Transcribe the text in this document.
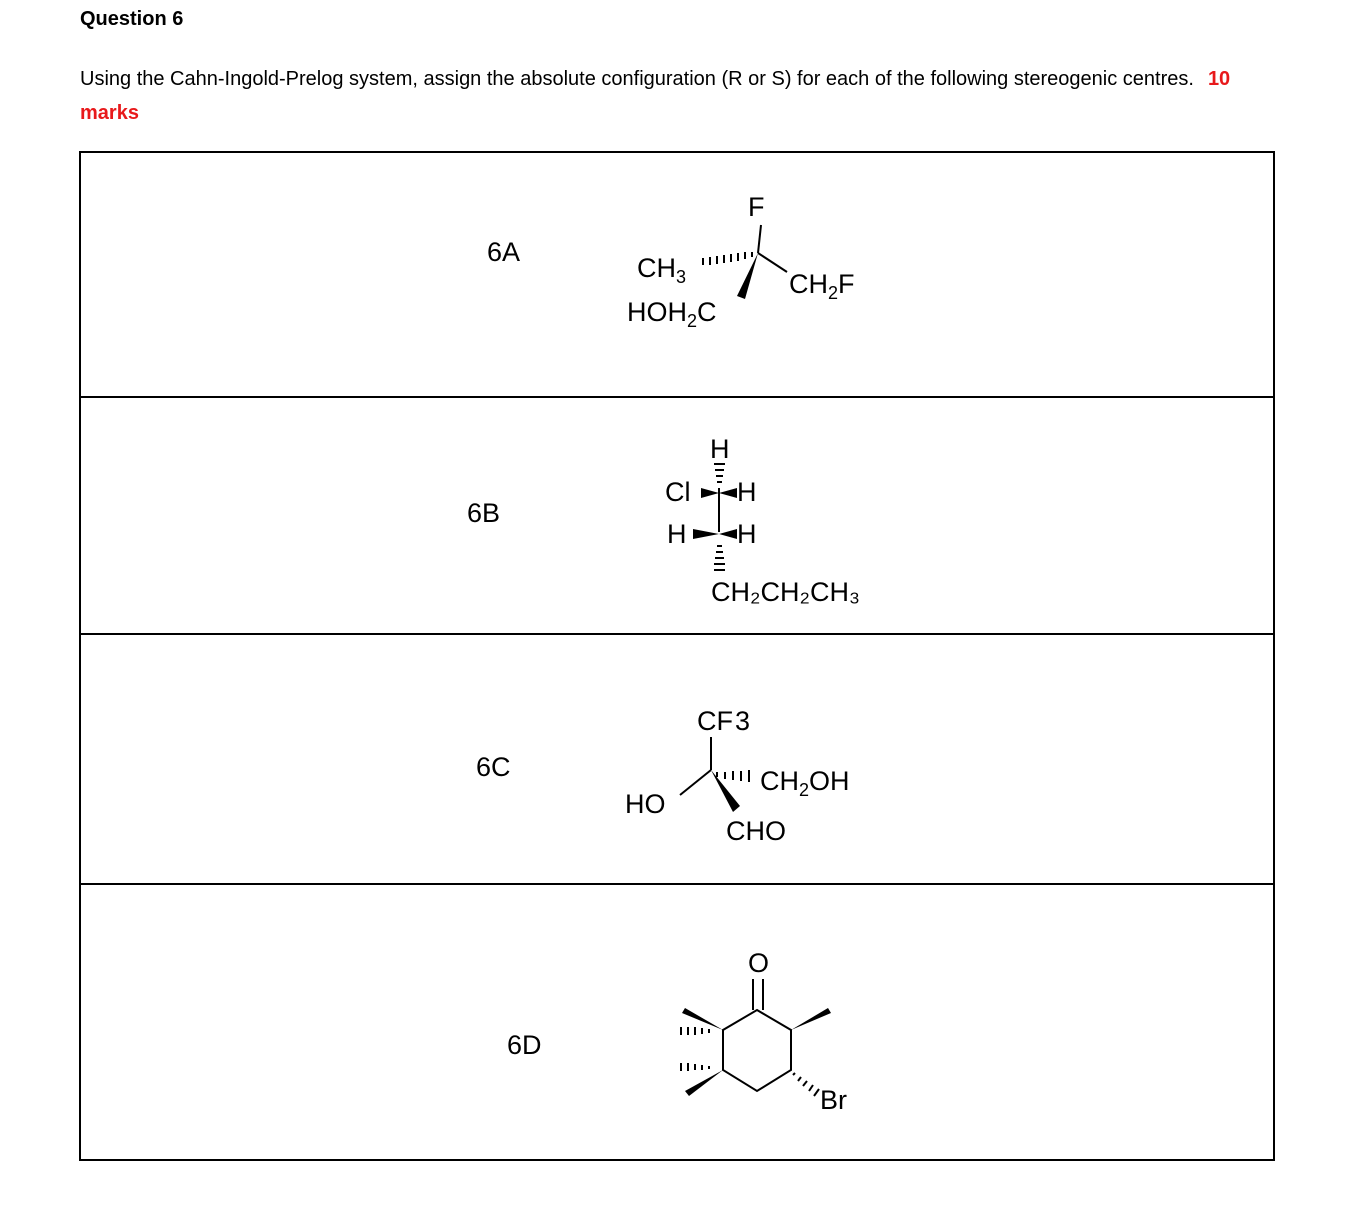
Question 6
Using the Cahn-Ingold-Prelog system, assign the absolute configuration (R or S) for each of the following stereogenic centres. 10 marks
6A
F
$CH_3$	$CH_2F$
$HOH_2C$
6B
H
Cl H
H H
CH₂CH₂CH₃
6C
CF3
HO
$CH_2OH$
CHO
6D
O
Br
